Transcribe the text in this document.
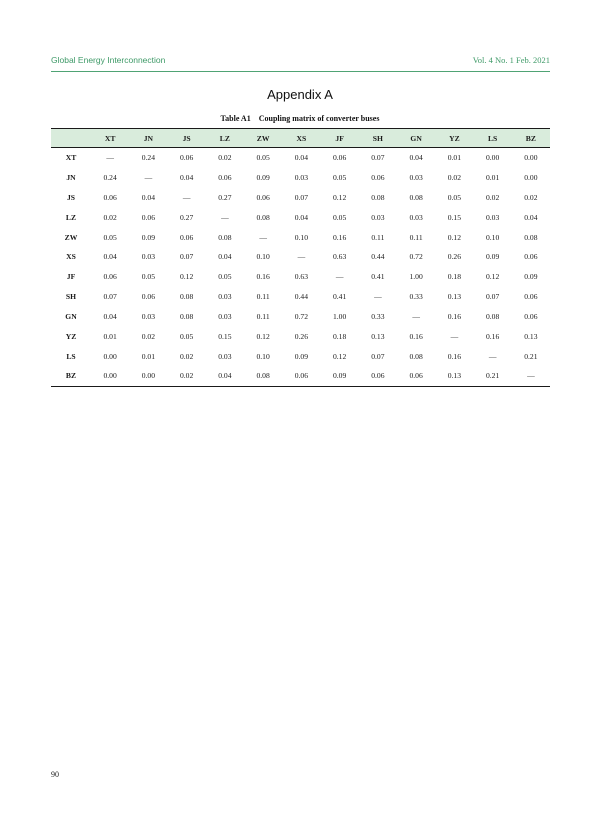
Global Energy Interconnection	Vol. 4 No. 1 Feb. 2021
Appendix A
Table A1 Coupling matrix of converter buses
	XT	JN	JS	LZ	ZW	XS	JF	SH	GN	YZ	LS	BZ
XT	—	0.24	0.06	0.02	0.05	0.04	0.06	0.07	0.04	0.01	0.00	0.00
JN	0.24	—	0.04	0.06	0.09	0.03	0.05	0.06	0.03	0.02	0.01	0.00
JS	0.06	0.04	—	0.27	0.06	0.07	0.12	0.08	0.08	0.05	0.02	0.02
LZ	0.02	0.06	0.27	—	0.08	0.04	0.05	0.03	0.03	0.15	0.03	0.04
ZW	0.05	0.09	0.06	0.08	—	0.10	0.16	0.11	0.11	0.12	0.10	0.08
XS	0.04	0.03	0.07	0.04	0.10	—	0.63	0.44	0.72	0.26	0.09	0.06
JF	0.06	0.05	0.12	0.05	0.16	0.63	—	0.41	1.00	0.18	0.12	0.09
SH	0.07	0.06	0.08	0.03	0.11	0.44	0.41	—	0.33	0.13	0.07	0.06
GN	0.04	0.03	0.08	0.03	0.11	0.72	1.00	0.33	—	0.16	0.08	0.06
YZ	0.01	0.02	0.05	0.15	0.12	0.26	0.18	0.13	0.16	—	0.16	0.13
LS	0.00	0.01	0.02	0.03	0.10	0.09	0.12	0.07	0.08	0.16	—	0.21
BZ	0.00	0.00	0.02	0.04	0.08	0.06	0.09	0.06	0.06	0.13	0.21	—
90
